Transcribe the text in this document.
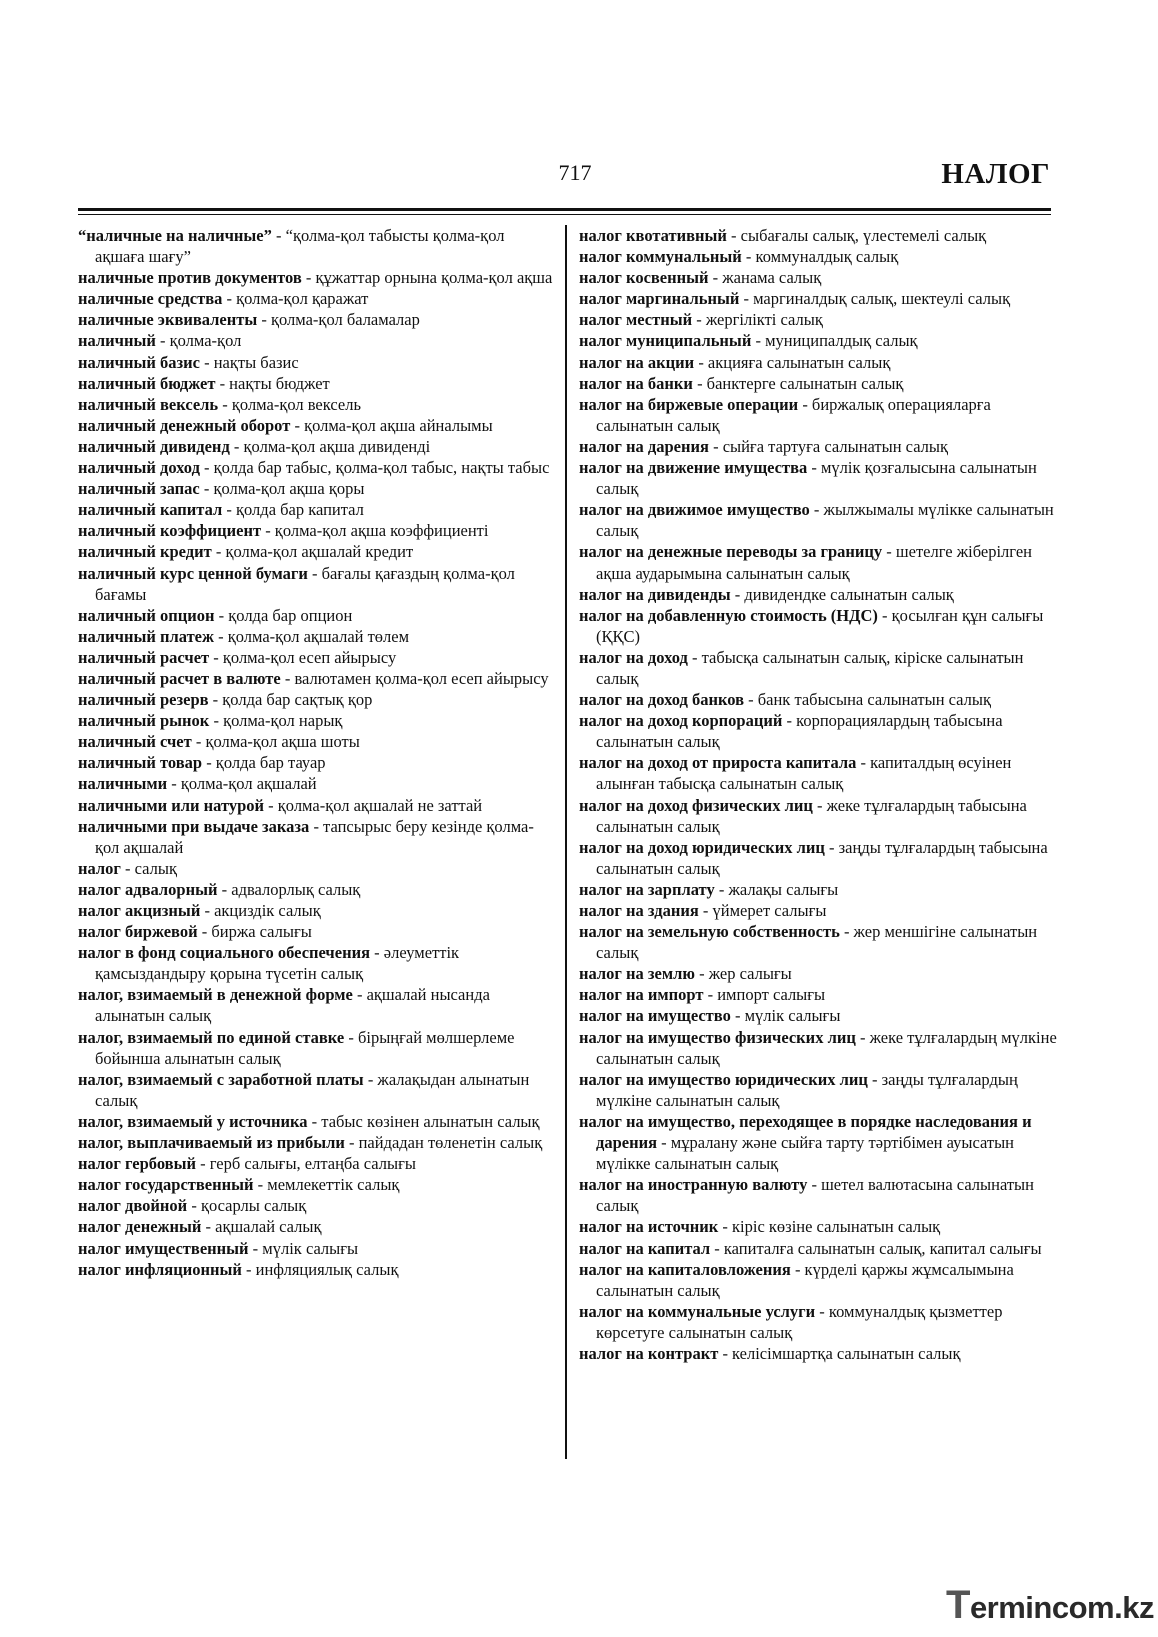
717	НАЛОГ
“наличные на наличные” - “қолма-қол табысты қолма-қол ақшаға шағу”
наличные против документов - құжаттар орнына қолма-қол ақша
наличные средства - қолма-қол қаражат
наличные эквиваленты - қолма-қол баламалар
наличный - қолма-қол
наличный базис - нақты базис
наличный бюджет - нақты бюджет
наличный вексель - қолма-қол вексель
наличный денежный оборот - қолма-қол ақша айналымы
наличный дивиденд - қолма-қол ақша дивидендi
наличный доход - қолда бар табыс, қолма-қол табыс, нақты табыс
наличный запас - қолма-қол ақша қоры
наличный капитал - қолда бар капитал
наличный коэффициент - қолма-қол ақша коэффициентi
наличный кредит - қолма-қол ақшалай кредит
наличный курс ценной бумаги - бағалы қағаздың қолма-қол бағамы
наличный опцион - қолда бар опцион
наличный платеж - қолма-қол ақшалай төлем
наличный расчет - қолма-қол есеп айырысу
наличный расчет в валюте - валютамен қолма-қол есеп айырысу
наличный резерв - қолда бар сақтық қор
наличный рынок - қолма-қол нарық
наличный счет - қолма-қол ақша шоты
наличный товар - қолда бар тауар
наличными - қолма-қол ақшалай
наличными или натурой - қолма-қол ақшалай не заттай
наличными при выдаче заказа - тапсырыс беру кезiнде қолма-қол ақшалай
налог - салық
налог адвалорный - адвалорлық салық
налог акцизный - акциздiк салық
налог биржевой - биржа салығы
налог в фонд социального обеспечения - әлеуметтiк қамсыздандыру қорына түсетiн салық
налог, взимаемый в денежной форме - ақшалай нысанда алынатын салық
налог, взимаемый по единой ставке - бiрыңғай мөлшерлеме бойынша алынатын салық
налог, взимаемый с заработной платы - жалақыдан алынатын салық
налог, взимаемый у источника - табыс көзiнен алынатын салық
налог, выплачиваемый из прибыли - пайдадан төленетiн салық
налог гербовый - герб салығы, елтаңба салығы
налог государственный - мемлекеттiк салық
налог двойной - қосарлы салық
налог денежный - ақшалай салық
налог имущественный - мүлiк салығы
налог инфляционный - инфляциялық салық
налог квотативный - сыбағалы салық, үлестемелi салық
налог коммунальный - коммуналдық салық
налог косвенный - жанама салық
налог маргинальный - маргиналдық салық, шектеулi салық
налог местный - жергiлiктi салық
налог муниципальный - муниципалдық салық
налог на акции - акцияға салынатын салық
налог на банки - банктерге салынатын салық
налог на биржевые операции - биржалық операцияларға салынатын салық
налог на дарения - сыйға тартуға салынатын салық
налог на движение имущества - мүлiк қозғалысына салынатын салық
налог на движимое имущество - жылжымалы мүлiкке салынатын салық
налог на денежные переводы за границу - шетелге жiберiлген ақша аударымына салынатын салық
налог на дивиденды - дивидендке салынатын салық
налог на добавленную стоимость (НДС) - қосылған құн салығы (ҚҚС)
налог на доход - табысқа салынатын салық, кiрiске салынатын салық
налог на доход банков - банк табысына салынатын салық
налог на доход корпораций - корпорациялардың табысына салынатын салық
налог на доход от прироста капитала - капиталдың өсуiнен алынған табысқа салынатын салық
налог на доход физических лиц - жеке тұлғалардың табысына салынатын салық
налог на доход юридических лиц - заңды тұлғалардың табысына салынатын салық
налог на зарплату - жалақы салығы
налог на здания - үймерет салығы
налог на земельную собственность - жер меншiгiне салынатын салық
налог на землю - жер салығы
налог на импорт - импорт салығы
налог на имущество - мүлiк салығы
налог на имущество физических лиц - жеке тұлғалардың мүлкiне салынатын салық
налог на имущество юридических лиц - заңды тұлғалардың мүлкiне салынатын салық
налог на имущество, переходящее в порядке наследования и дарения - мұралану және сыйға тарту тәртiбiмен ауысатын мүлiкке салынатын салық
налог на иностранную валюту - шетел валютасына салынатын салық
налог на источник - кiрiс көзiне салынатын салық
налог на капитал - капиталға салынатын салық, капитал салығы
налог на капиталовложения - күрделi қаржы жұмсалымына салынатын салық
налог на коммунальные услуги - коммуналдық қызметтер көрсетуге салынатын салық
налог на контракт - келiсiмшартқа салынатын салық
Termincom.kz
